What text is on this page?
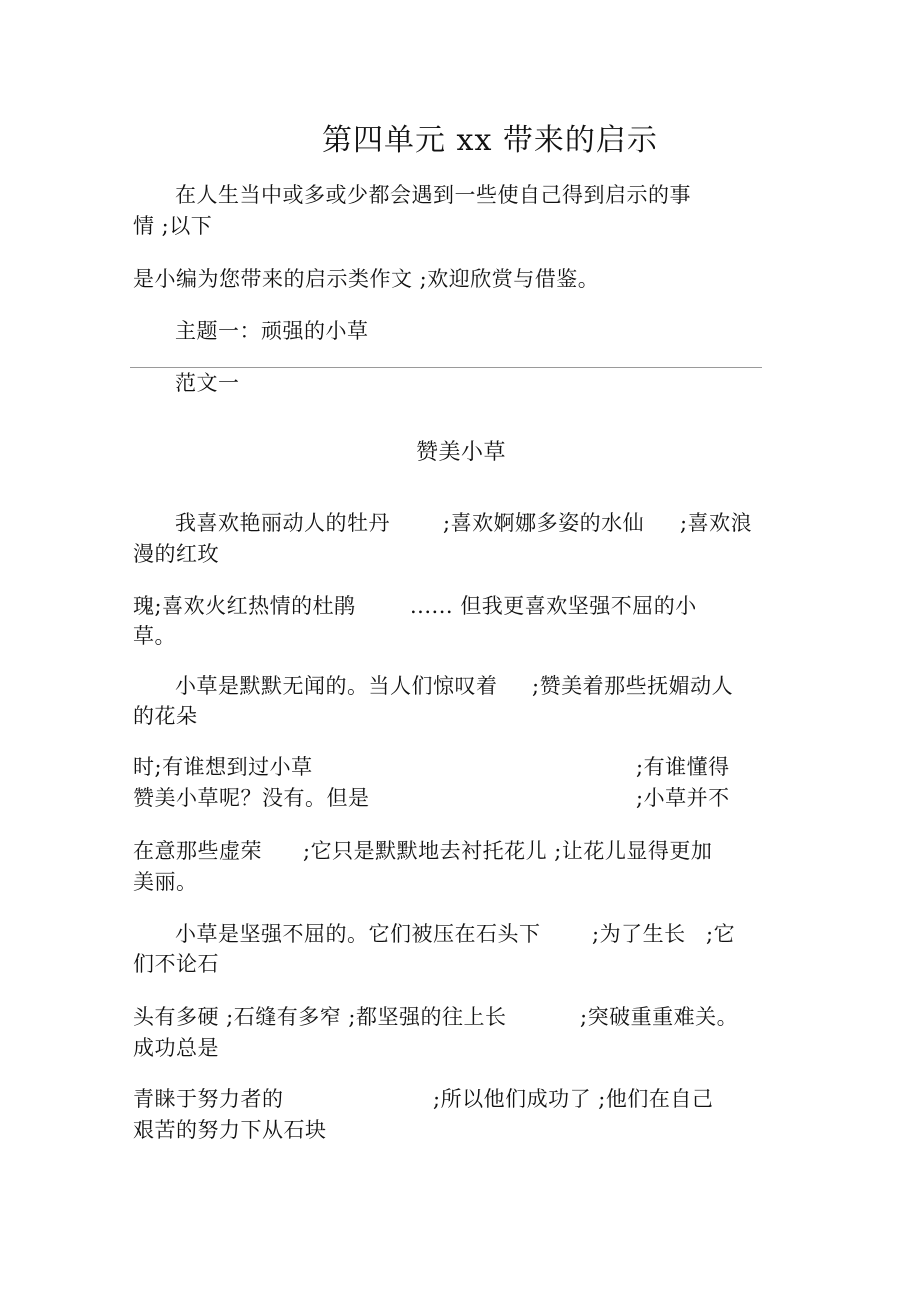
第四单元 xx 带来的启示
在人生当中或多或少都会遇到一些使自己得到启示的事
情 ;以下
是小编为您带来的启示类作文 ;欢迎欣赏与借鉴。
主题一：顽强的小草
范文一
赞美小草
我喜欢艳丽动人的牡丹	;喜欢婀娜多姿的水仙 ;喜欢浪
漫的红玫
瑰;喜欢火红热情的杜鹃	...... 但我更喜欢坚强不屈的小
草。
小草是默默无闻的。当人们惊叹着 ;赞美着那些抚媚动人
的花朵
时;有谁想到过小草	;有谁懂得
赞美小草呢？没有。但是	;小草并不
在意那些虚荣 ;它只是默默地去衬托花儿 ;让花儿显得更加
美丽。
小草是坚强不屈的。它们被压在石头下 ;为了生长 ;它
们不论石
头有多硬 ;石缝有多窄 ;都坚强的往上长	;突破重重难关。
成功总是
青睐于努力者的	;所以他们成功了 ;他们在自己
艰苦的努力下从石块
